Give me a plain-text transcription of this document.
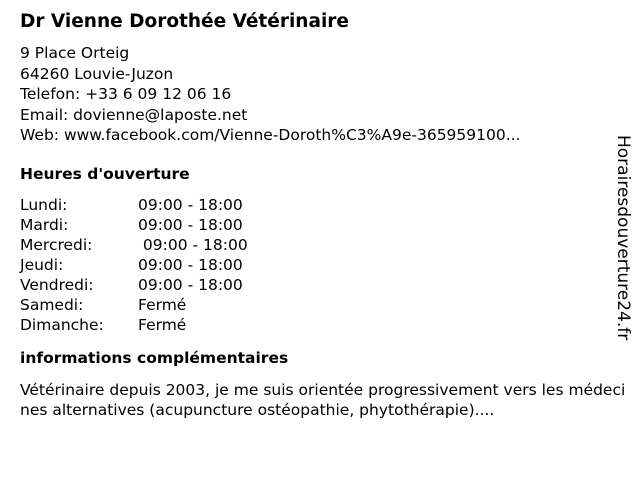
Dr Vienne Dorothée Vétérinaire
9 Place Orteig
64260 Louvie-Juzon
Telefon: +33 6 09 12 06 16
Email: dovienne@laposte.net
Web: www.facebook.com/Vienne-Doroth%C3%A9e-365959100...
Heures d'ouverture
Lundi:	09:00 - 18:00
Mardi:	09:00 - 18:00
Mercredi:	09:00 - 18:00
Jeudi:	09:00 - 18:00
Vendredi:	09:00 - 18:00
Samedi:	Fermé
Dimanche:	Fermé
informations complémentaires
Vétérinaire depuis 2003, je me suis orientée progressivement vers les médecines alternatives (acupuncture ostéopathie, phytothérapie)....
Horairesdouverture24.fr
